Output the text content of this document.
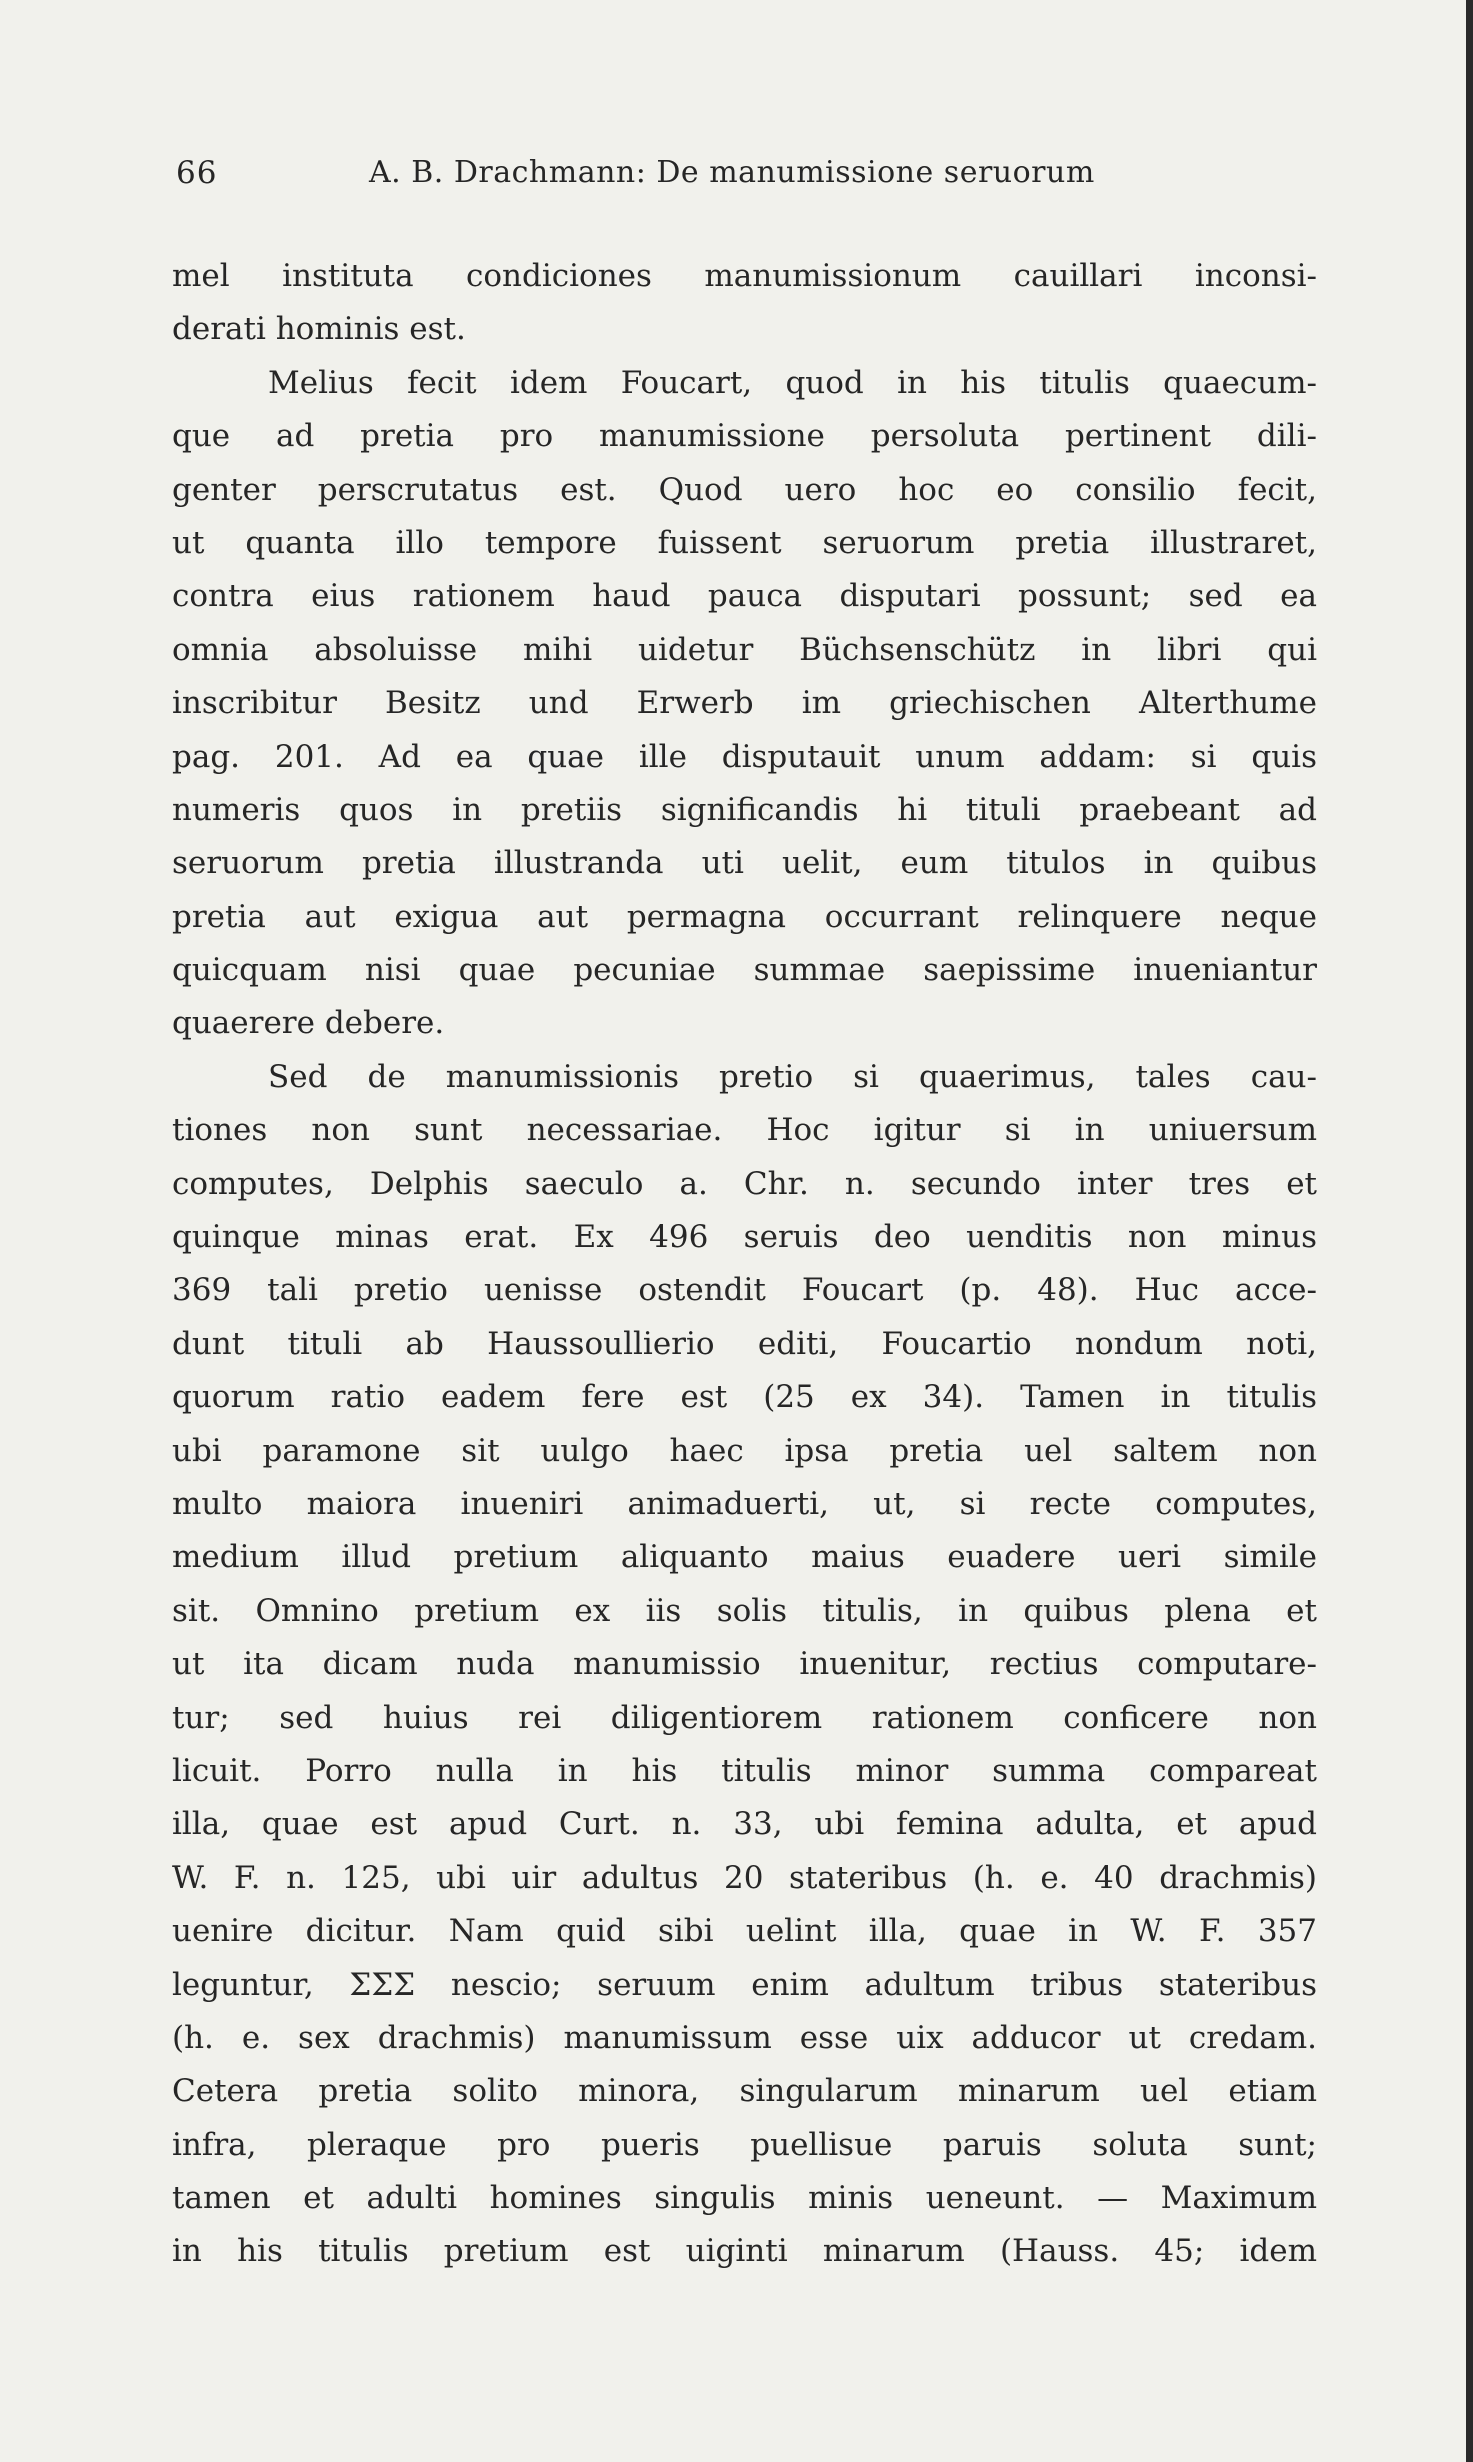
66	A. B. Drachmann: De manumissione seruorum
mel instituta condiciones manumissionum cauillari inconsi-
derati hominis est.
Melius fecit idem Foucart, quod in his titulis quaecum-
que ad pretia pro manumissione persoluta pertinent dili-
genter perscrutatus est. Quod uero hoc eo consilio fecit,
ut quanta illo tempore fuissent seruorum pretia illustraret,
contra eius rationem haud pauca disputari possunt; sed ea
omnia absoluisse mihi uidetur Büchsenschütz in libri qui
inscribitur Besitz und Erwerb im griechischen Alterthume
pag. 201. Ad ea quae ille disputauit unum addam: si quis
numeris quos in pretiis significandis hi tituli praebeant ad
seruorum pretia illustranda uti uelit, eum titulos in quibus
pretia aut exigua aut permagna occurrant relinquere neque
quicquam nisi quae pecuniae summae saepissime inueniantur
quaerere debere.
Sed de manumissionis pretio si quaerimus, tales cau-
tiones non sunt necessariae. Hoc igitur si in uniuersum
computes, Delphis saeculo a. Chr. n. secundo inter tres et
quinque minas erat. Ex 496 seruis deo uenditis non minus
369 tali pretio uenisse ostendit Foucart (p. 48). Huc acce-
dunt tituli ab Haussoullierio editi, Foucartio nondum noti,
quorum ratio eadem fere est (25 ex 34). Tamen in titulis
ubi paramone sit uulgo haec ipsa pretia uel saltem non
multo maiora inueniri animaduerti, ut, si recte computes,
medium illud pretium aliquanto maius euadere ueri simile
sit. Omnino pretium ex iis solis titulis, in quibus plena et
ut ita dicam nuda manumissio inuenitur, rectius computare-
tur; sed huius rei diligentiorem rationem conficere non
licuit. Porro nulla in his titulis minor summa compareat
illa, quae est apud Curt. n. 33, ubi femina adulta, et apud
W. F. n. 125, ubi uir adultus 20 stateribus (h. e. 40 drachmis)
uenire dicitur. Nam quid sibi uelint illa, quae in W. F. 357
leguntur, ΣΣΣ nescio; seruum enim adultum tribus stateribus
(h. e. sex drachmis) manumissum esse uix adducor ut credam.
Cetera pretia solito minora, singularum minarum uel etiam
infra, pleraque pro pueris puellisue paruis soluta sunt;
tamen et adulti homines singulis minis ueneunt. — Maximum
in his titulis pretium est uiginti minarum (Hauss. 45; idem
